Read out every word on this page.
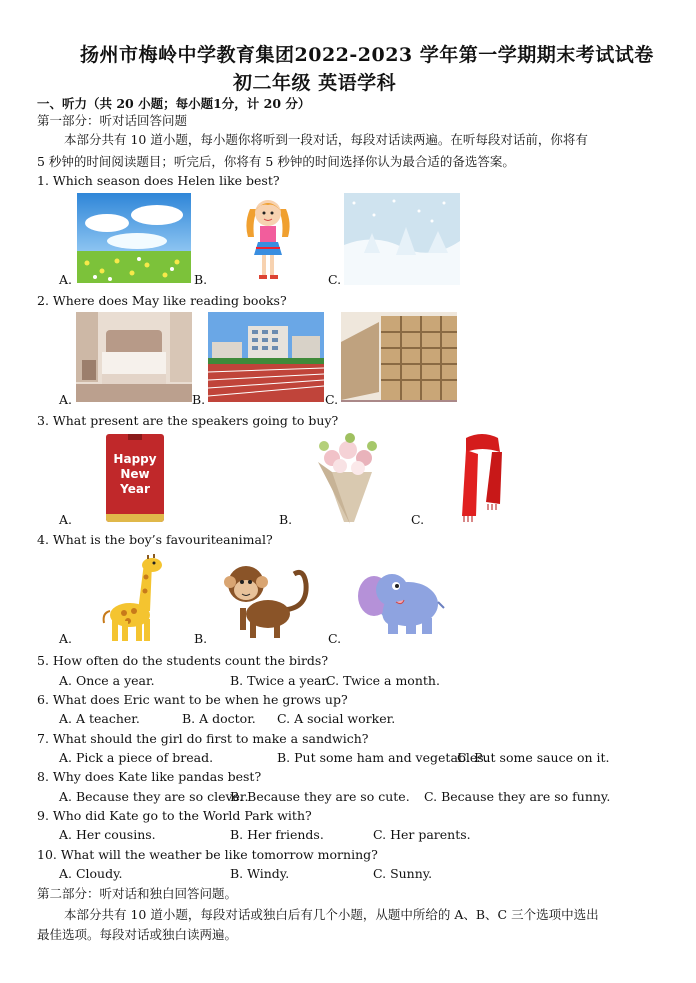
扬州市梅岭中学教育集团2022-2023 学年第一学期期末考试试卷
初二年级 英语学科
一、听力（共 20 小题；每小题1分，计 20 分）
第一部分：听对话回答问题
本部分共有 10 道小题，每小题你将听到一段对话，每段对话读两遍。在听每段对话前，你将有
5 秒钟的时间阅读题目；听完后，你将有 5 秒钟的时间选择你认为最合适的备选答案。
1. Which season does Helen like best?
A.	B.	C.
2. Where does May like reading books?
A.	B.	C.
3. What present are the speakers going to buy?
A.
Happy New Year
B.	C.
4. What is the boy’s favouriteanimal?
A.	B.	C.
5. How often do the students count the birds?
A. Once a year.	B. Twice a year.
C. Twice a month.
6. What does Eric want to be when he grows up?
A. A teacher.	B. A doctor. C. A social worker.
7. What should the girl do first to make a sandwich?
A. Pick a piece of bread.	B. Put some ham and vegetables.
C. Put some sauce on it.
8. Why does Kate like pandas best?
A. Because they are so clever.
B. Because they are so cute. C. Because they are so funny.
9. Who did Kate go to the World Park with?
A. Her cousins.	B. Her friends.	C. Her parents.
10. What will the weather be like tomorrow morning?
A. Cloudy.	B. Windy.	C. Sunny.
第二部分：听对话和独白回答问题。
本部分共有 10 道小题，每段对话或独白后有几个小题，从题中所给的 A、B、C 三个选项中选出
最佳选项。每段对话或独白读两遍。
